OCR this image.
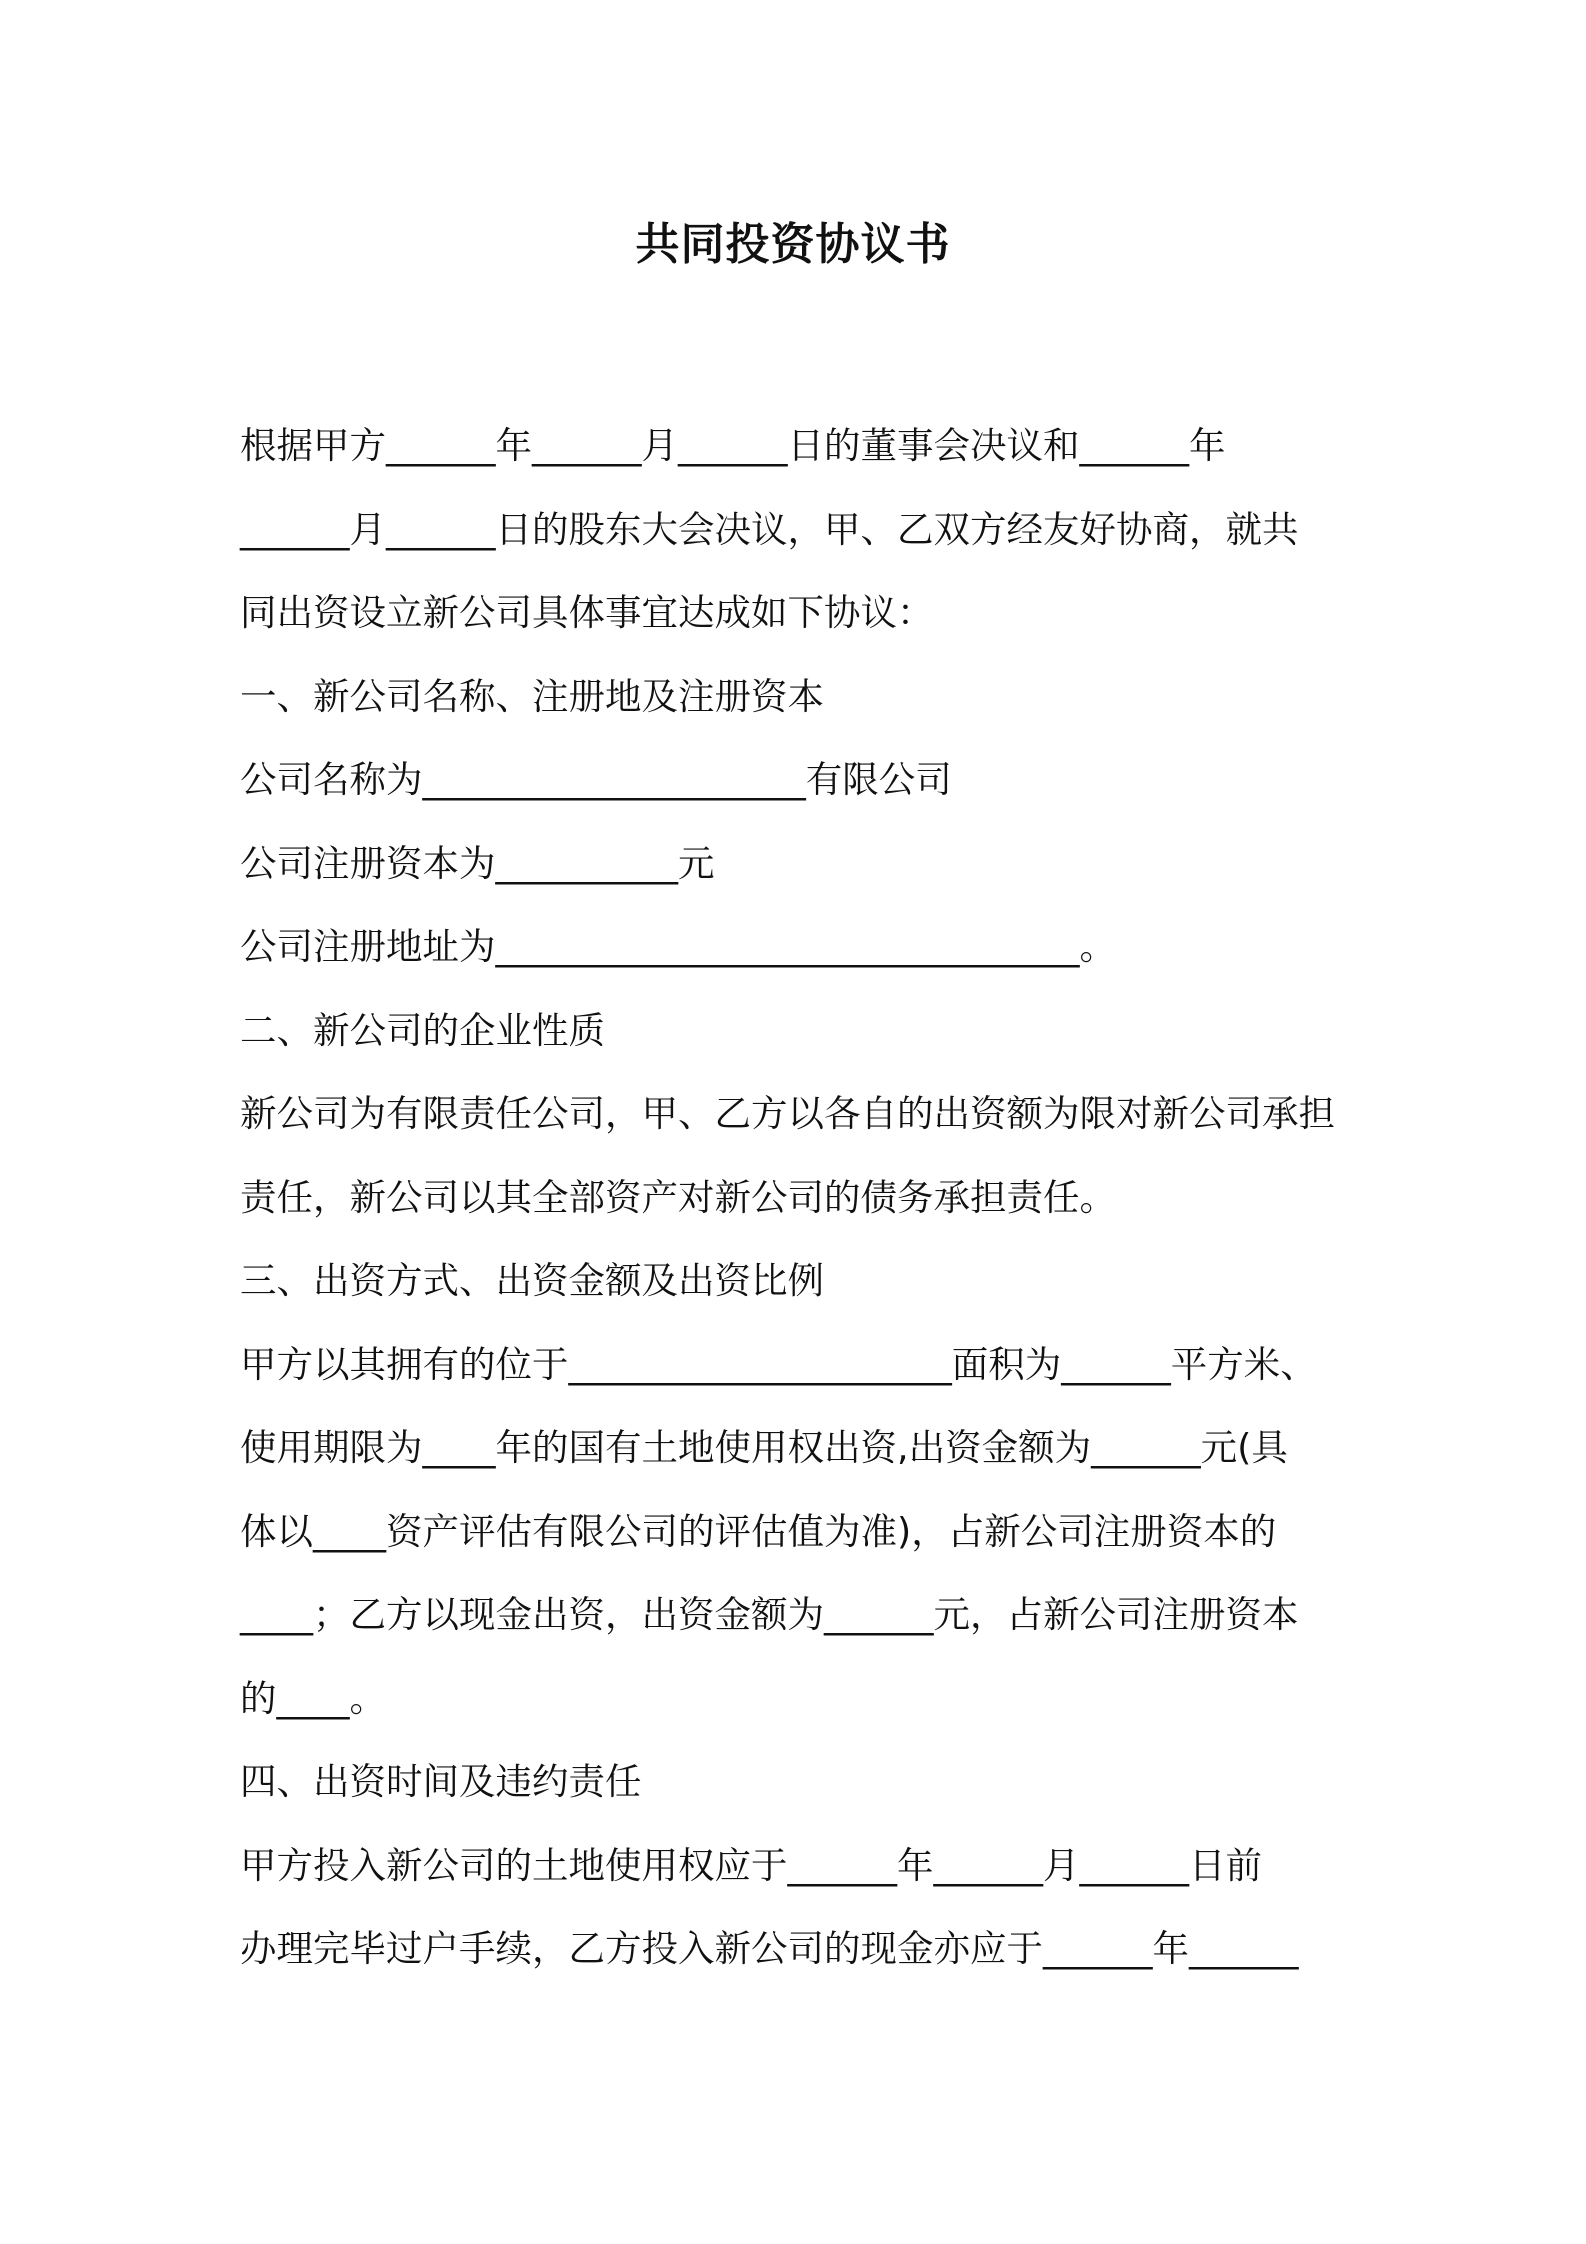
共同投资协议书
根据甲方______年______月______日的董事会决议和______年
______月______日的股东大会决议，甲、乙双方经友好协商，就共
同出资设立新公司具体事宜达成如下协议：
一、新公司名称、注册地及注册资本
公司名称为_____________________有限公司
公司注册资本为__________元
公司注册地址为________________________________。
二、新公司的企业性质
新公司为有限责任公司，甲、乙方以各自的出资额为限对新公司承担
责任，新公司以其全部资产对新公司的债务承担责任。
三、出资方式、出资金额及出资比例
甲方以其拥有的位于_____________________面积为______平方米、
使用期限为____年的国有土地使用权出资,出资金额为______元(具
体以____资产评估有限公司的评估值为准)，占新公司注册资本的
____；乙方以现金出资，出资金额为______元，占新公司注册资本
的____。
四、出资时间及违约责任
甲方投入新公司的土地使用权应于______年______月______日前
办理完毕过户手续，乙方投入新公司的现金亦应于______年______
